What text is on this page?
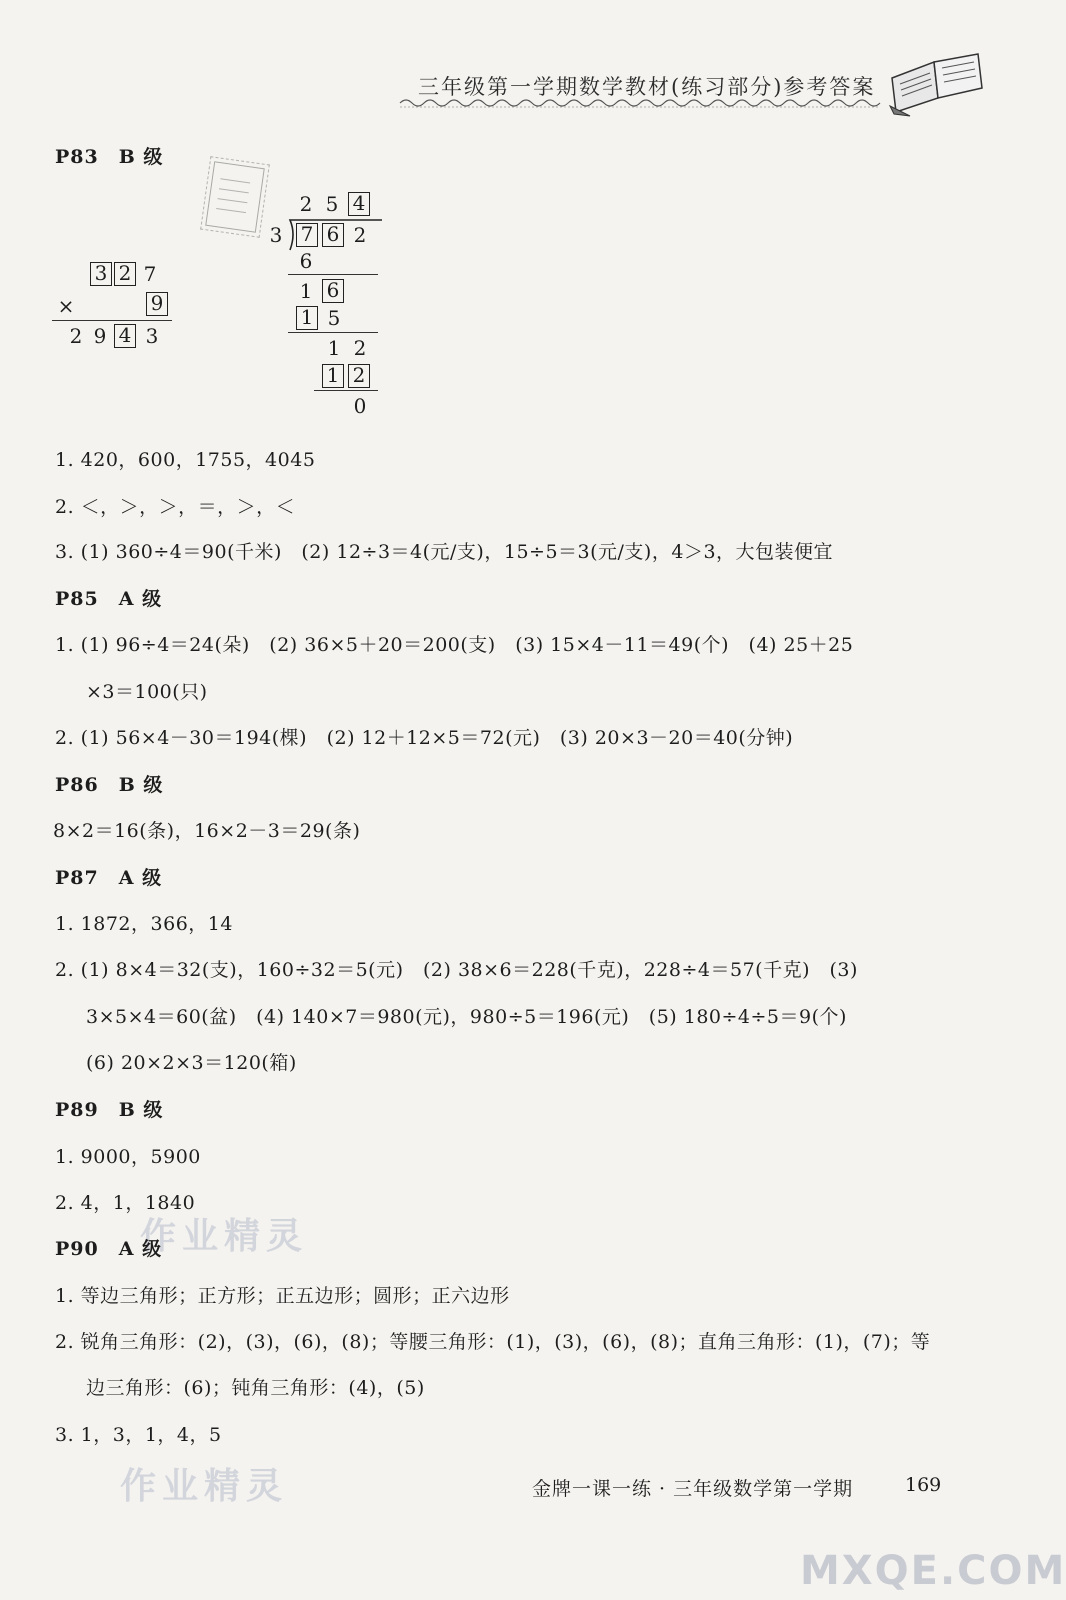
三年级第一学期数学教材(练习部分)参考答案
P83　B 级
3 2 7
×	9
2 9 4 3
2 5 4
3 7 6 2
6
1 6
1 5
1 2
1 2
0
1. 420，600，1755，4045
2. ＜，＞，＞，＝，＞，＜
3. (1) 360÷4＝90(千米)　(2) 12÷3＝4(元/支)，15÷5＝3(元/支)，4＞3，大包装便宜
P85　A 级
1. (1) 96÷4＝24(朵)　(2) 36×5＋20＝200(支)　(3) 15×4－11＝49(个)　(4) 25＋25
×3＝100(只)
2. (1) 56×4－30＝194(棵)　(2) 12＋12×5＝72(元)　(3) 20×3－20＝40(分钟)
P86　B 级
8×2＝16(条)，16×2－3＝29(条)
P87　A 级
1. 1872，366，14
2. (1) 8×4＝32(支)，160÷32＝5(元)　(2) 38×6＝228(千克)，228÷4＝57(千克)　(3)
3×5×4＝60(盆)　(4) 140×7＝980(元)，980÷5＝196(元)　(5) 180÷4÷5＝9(个)
(6) 20×2×3＝120(箱)
P89　B 级
1. 9000，5900
2. 4，1，1840
作业精灵
P90　A 级
1. 等边三角形；正方形；正五边形；圆形；正六边形
2. 锐角三角形：(2)，(3)，(6)，(8)；等腰三角形：(1)，(3)，(6)，(8)；直角三角形：(1)，(7)；等
边三角形：(6)；钝角三角形：(4)，(5)
3. 1，3，1，4，5
作业精灵	金牌一课一练 · 三年级数学第一学期	169
MXQE.COM
